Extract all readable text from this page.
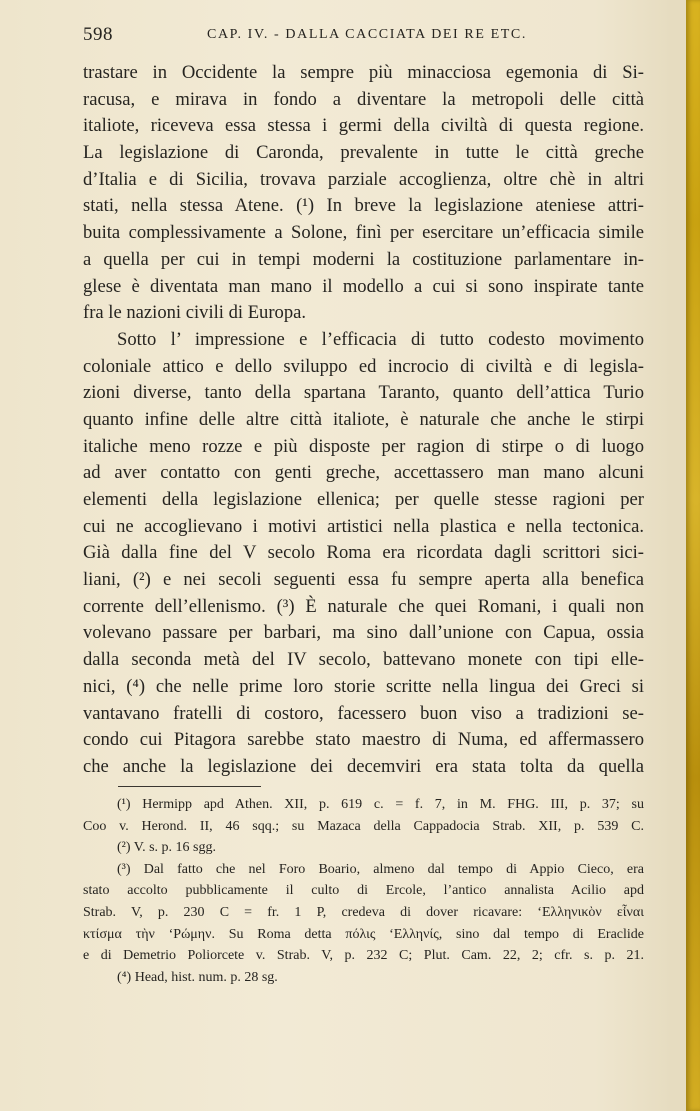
598	CAP. IV. - DALLA CACCIATA DEI RE ETC.
trastare in Occidente la sempre più minacciosa egemonia di Si-
racusa, e mirava in fondo a diventare la metropoli delle città
italiote, riceveva essa stessa i germi della civiltà di questa regione.
La legislazione di Caronda, prevalente in tutte le città greche
d’Italia e di Sicilia, trovava parziale accoglienza, oltre chè in altri
stati, nella stessa Atene. (¹) In breve la legislazione ateniese attri-
buita complessivamente a Solone, finì per esercitare un’efficacia simile
a quella per cui in tempi moderni la costituzione parlamentare in-
glese è diventata man mano il modello a cui si sono inspirate tante
fra le nazioni civili di Europa.
Sotto l’ impressione e l’efficacia di tutto codesto movimento
coloniale attico e dello sviluppo ed incrocio di civiltà e di legisla-
zioni diverse, tanto della spartana Taranto, quanto dell’attica Turio
quanto infine delle altre città italiote, è naturale che anche le stirpi
italiche meno rozze e più disposte per ragion di stirpe o di luogo
ad aver contatto con genti greche, accettassero man mano alcuni
elementi della legislazione ellenica; per quelle stesse ragioni per
cui ne accoglievano i motivi artistici nella plastica e nella tectonica.
Già dalla fine del V secolo Roma era ricordata dagli scrittori sici-
liani, (²) e nei secoli seguenti essa fu sempre aperta alla benefica
corrente dell’ellenismo. (³) È naturale che quei Romani, i quali non
volevano passare per barbari, ma sino dall’unione con Capua, ossia
dalla seconda metà del IV secolo, battevano monete con tipi elle-
nici, (⁴) che nelle prime loro storie scritte nella lingua dei Greci si
vantavano fratelli di costoro, facessero buon viso a tradizioni se-
condo cui Pitagora sarebbe stato maestro di Numa, ed affermassero
che anche la legislazione dei decemviri era stata tolta da quella
(¹) Hermipp apd Athen. XII, p. 619 c. = f. 7, in M. FHG. III, p. 37; su
Coo v. Herond. II, 46 sqq.; su Mazaca della Cappadocia Strab. XII, p. 539 C.
(²) V. s. p. 16 sgg.
(³) Dal fatto che nel Foro Boario, almeno dal tempo di Appio Cieco, era
stato accolto pubblicamente il culto di Ercole, l’antico annalista Acilio apd
Strab. V, p. 230 C = fr. 1 P, credeva di dover ricavare: ‘Ελληνικὸν εἶναι
κτίσμα τὴν ‘Ρώμην. Su Roma detta πόλις ‘Ελληνίς, sino dal tempo di Eraclide
e di Demetrio Poliorcete v. Strab. V, p. 232 C; Plut. Cam. 22, 2; cfr. s. p. 21.
(⁴) Head, hist. num. p. 28 sg.
